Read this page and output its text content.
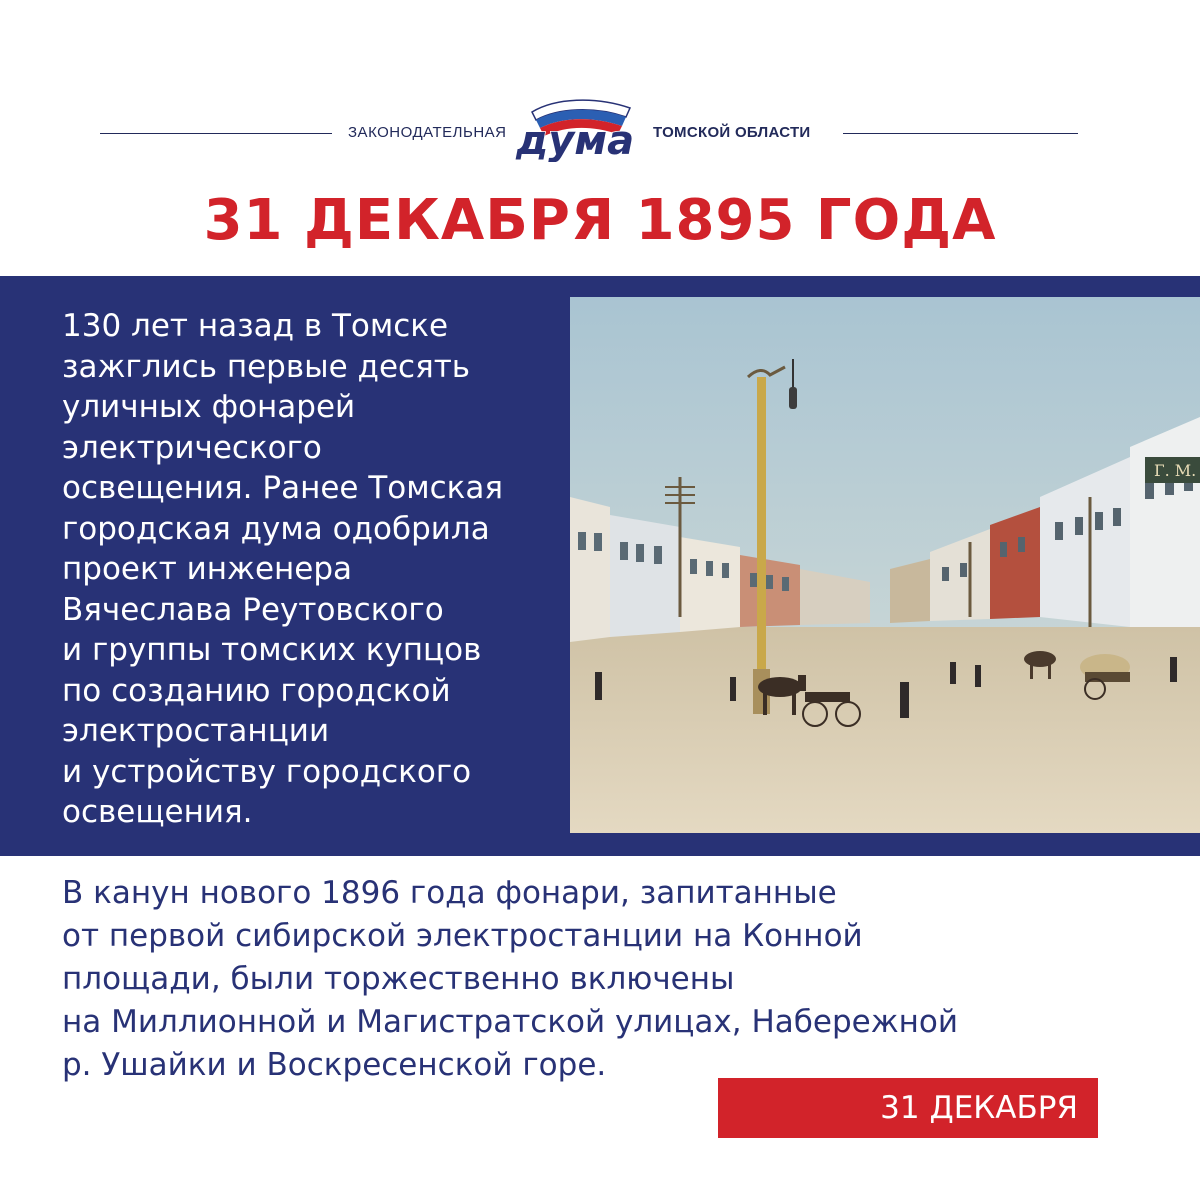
ЗАКОНОДАТЕЛЬНАЯ дума ТОМСКОЙ ОБЛАСТИ
31 ДЕКАБРЯ 1895 ГОДА
130 лет назад в Томске
зажглись первые десять
уличных фонарей
электрического
освещения. Ранее Томская
городская дума одобрила
проект инженера
Вячеслава Реутовского
и группы томских купцов
по созданию городской
электростанции
и устройству городского
освещения.
Г. М.
В канун нового 1896 года фонари, запитанные
от первой сибирской электростанции на Конной
площади, были торжественно включены
на Миллионной и Магистратской улицах, Набережной
р. Ушайки и Воскресенской горе.
31 ДЕКАБРЯ
